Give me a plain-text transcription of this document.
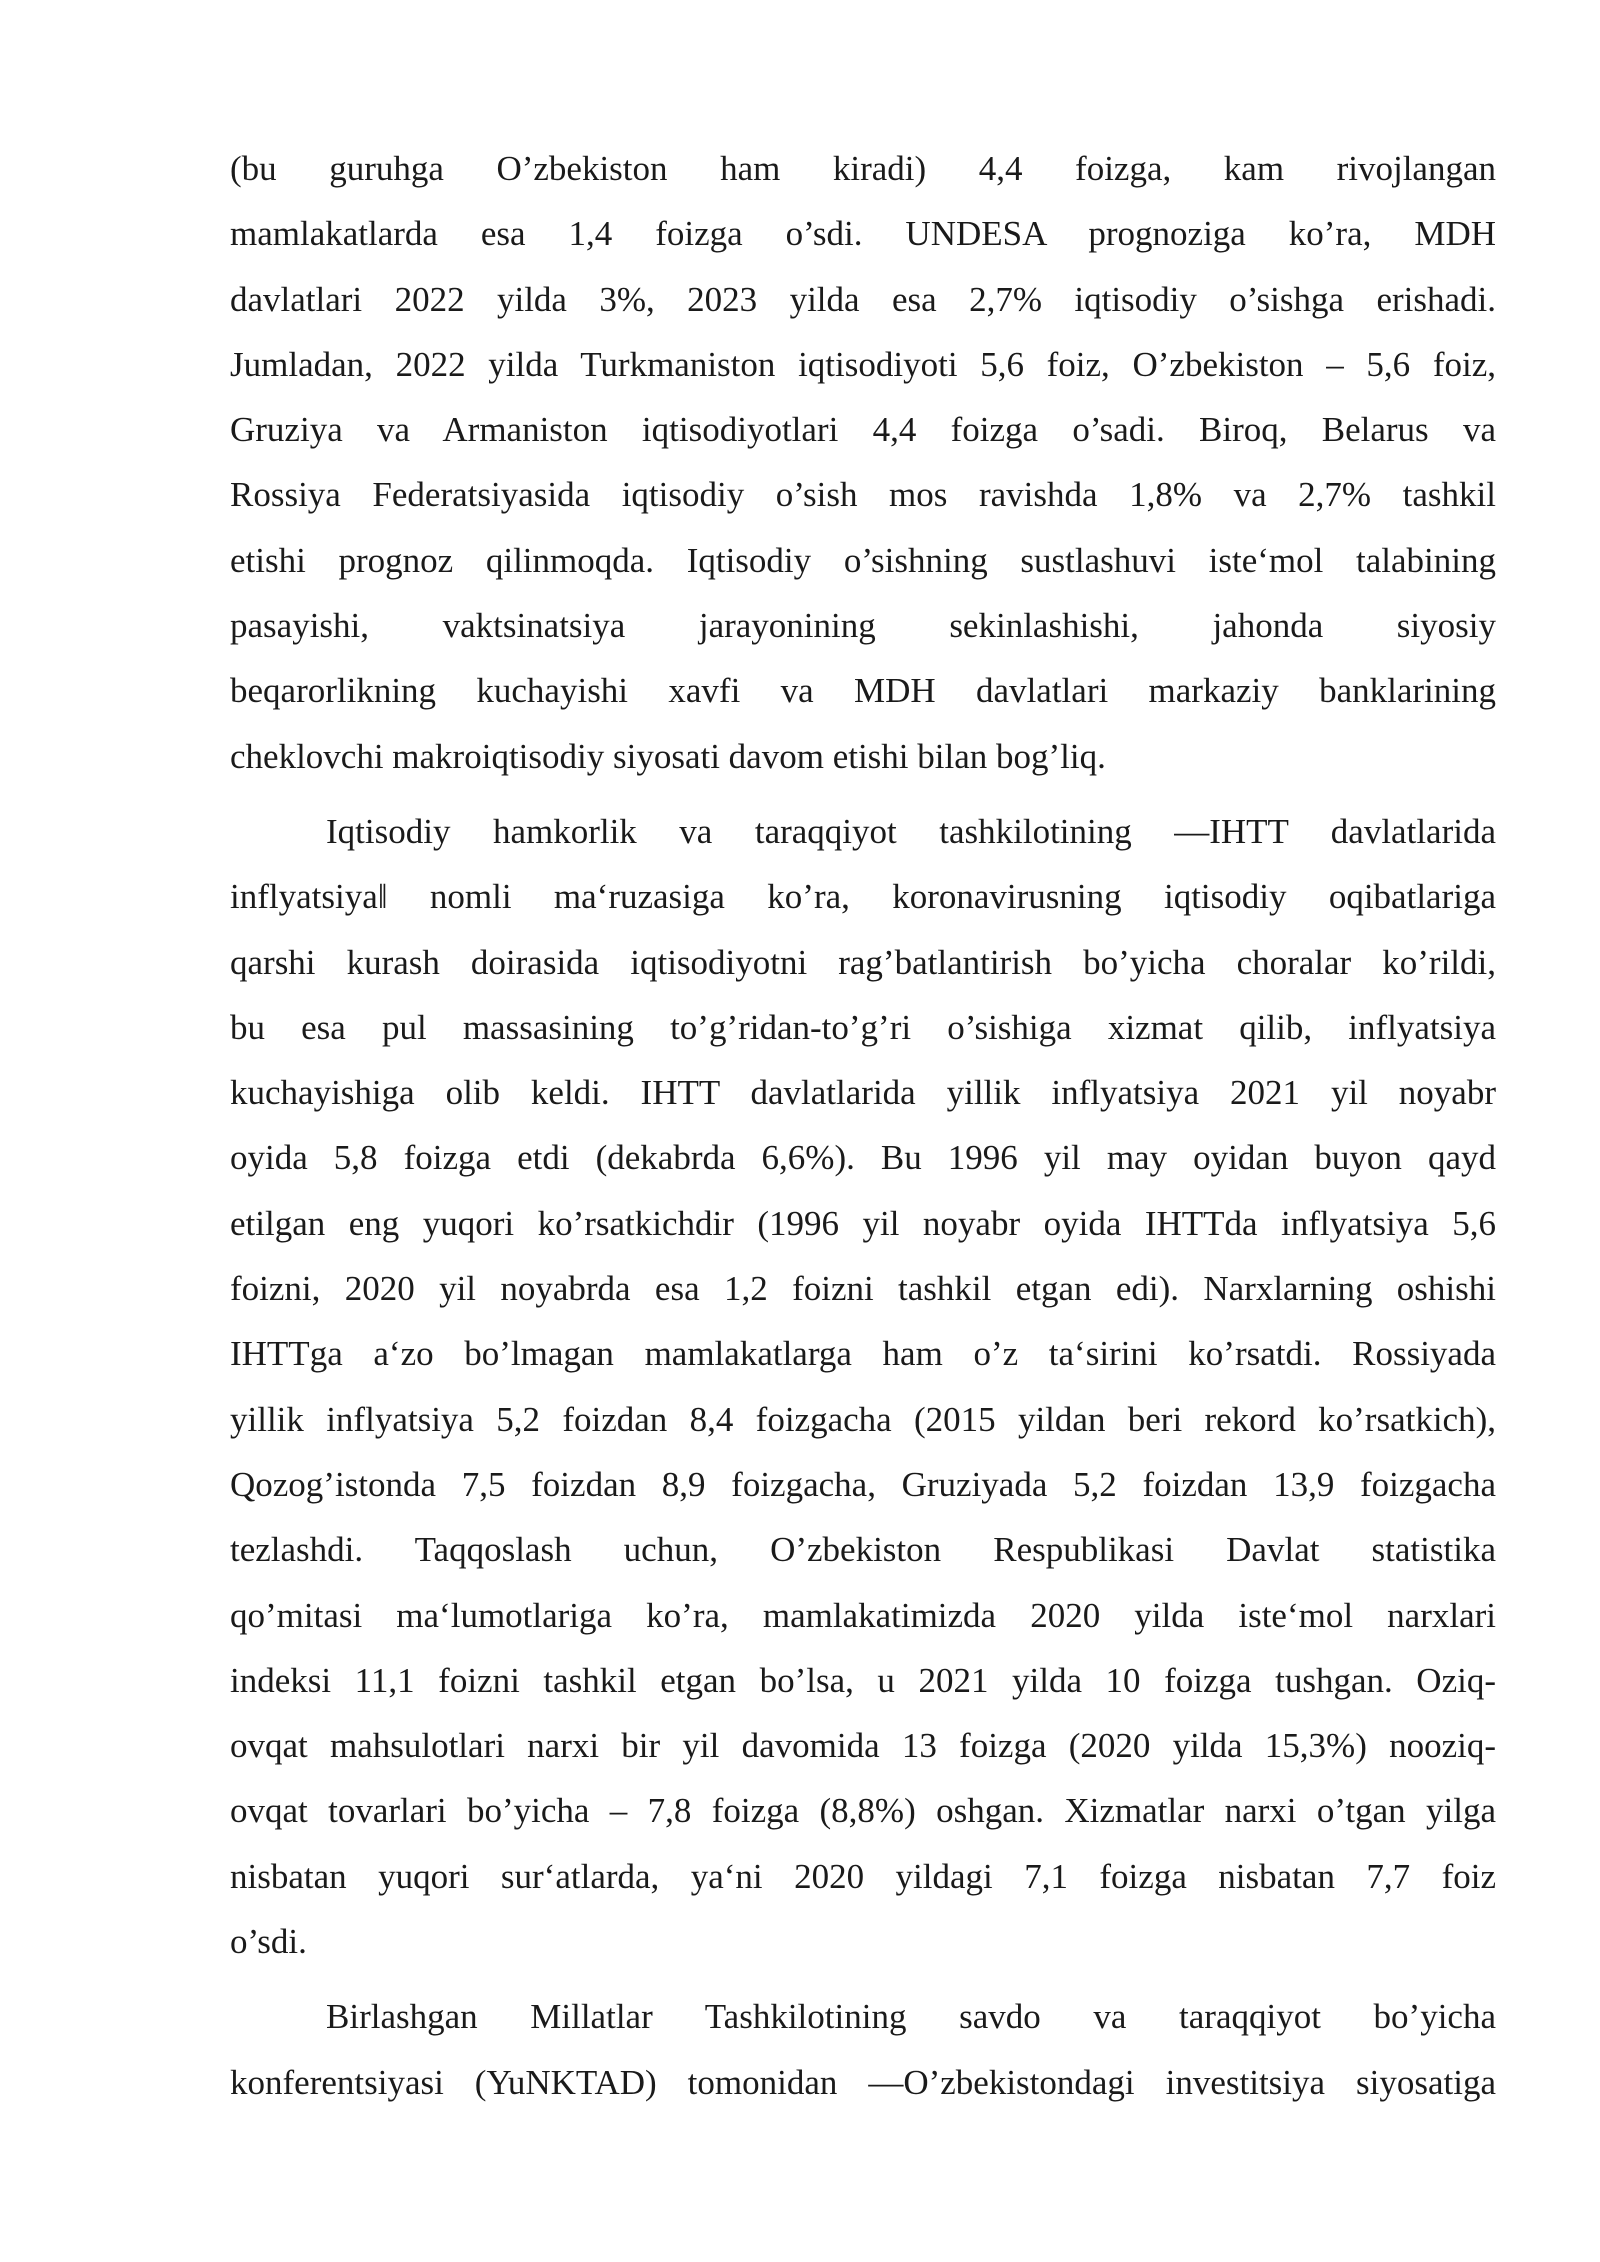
(bu guruhga O’zbekiston ham kiradi) 4,4 foizga, kam rivojlangan
mamlakatlarda esa 1,4 foizga o’sdi. UNDESA prognoziga ko’ra, MDH
davlatlari 2022 yilda 3%, 2023 yilda esa 2,7% iqtisodiy o’sishga erishadi.
Jumladan, 2022 yilda Turkmaniston iqtisodiyoti 5,6 foiz, O’zbekiston – 5,6 foiz,
Gruziya va Armaniston iqtisodiyotlari 4,4 foizga o’sadi. Biroq, Belarus va
Rossiya Federatsiyasida iqtisodiy o’sish mos ravishda 1,8% va 2,7% tashkil
etishi prognoz qilinmoqda. Iqtisodiy o’sishning sustlashuvi iste‘mol talabining
pasayishi, vaktsinatsiya jarayonining sekinlashishi, jahonda siyosiy
beqarorlikning kuchayishi xavfi va MDH davlatlari markaziy banklarining
cheklovchi makroiqtisodiy siyosati davom etishi bilan bog’liq.
Iqtisodiy hamkorlik va taraqqiyot tashkilotining ―IHTT davlatlarida
inflyatsiya‖ nomli ma‘ruzasiga ko’ra, koronavirusning iqtisodiy oqibatlariga
qarshi kurash doirasida iqtisodiyotni rag’batlantirish bo’yicha choralar ko’rildi,
bu esa pul massasining to’g’ridan-to’g’ri o’sishiga xizmat qilib, inflyatsiya
kuchayishiga olib keldi. IHTT davlatlarida yillik inflyatsiya 2021 yil noyabr
oyida 5,8 foizga etdi (dekabrda 6,6%). Bu 1996 yil may oyidan buyon qayd
etilgan eng yuqori ko’rsatkichdir (1996 yil noyabr oyida IHTTda inflyatsiya 5,6
foizni, 2020 yil noyabrda esa 1,2 foizni tashkil etgan edi). Narxlarning oshishi
IHTTga a‘zo bo’lmagan mamlakatlarga ham o’z ta‘sirini ko’rsatdi. Rossiyada
yillik inflyatsiya 5,2 foizdan 8,4 foizgacha (2015 yildan beri rekord ko’rsatkich),
Qozog’istonda 7,5 foizdan 8,9 foizgacha, Gruziyada 5,2 foizdan 13,9 foizgacha
tezlashdi. Taqqoslash uchun, O’zbekiston Respublikasi Davlat statistika
qo’mitasi ma‘lumotlariga ko’ra, mamlakatimizda 2020 yilda iste‘mol narxlari
indeksi 11,1 foizni tashkil etgan bo’lsa, u 2021 yilda 10 foizga tushgan. Oziq-
ovqat mahsulotlari narxi bir yil davomida 13 foizga (2020 yilda 15,3%) nooziq-
ovqat tovarlari bo’yicha – 7,8 foizga (8,8%) oshgan. Xizmatlar narxi o’tgan yilga
nisbatan yuqori sur‘atlarda, ya‘ni 2020 yildagi 7,1 foizga nisbatan 7,7 foiz
o’sdi.
Birlashgan Millatlar Tashkilotining savdo va taraqqiyot bo’yicha
konferentsiyasi (YuNKTAD) tomonidan ―O’zbekistondagi investitsiya siyosatiga
